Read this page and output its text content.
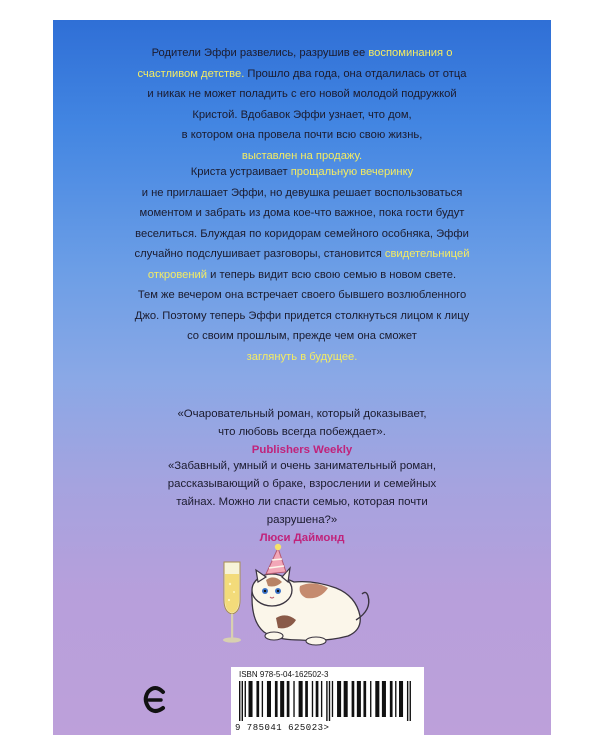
Родители Эффи развелись, разрушив ее воспоминания о
счастливом детстве. Прошло два года, она отдалилась от отца
и никак не может поладить с его новой молодой подружкой
Кристой. Вдобавок Эффи узнает, что дом,
в котором она провела почти всю свою жизнь,
выставлен на продажу.
Криста устраивает прощальную вечеринку
и не приглашает Эффи, но девушка решает воспользоваться
моментом и забрать из дома кое-что важное, пока гости будут
веселиться. Блуждая по коридорам семейного особняка, Эффи
случайно подслушивает разговоры, становится свидетельницей
откровений и теперь видит всю свою семью в новом свете.
Тем же вечером она встречает своего бывшего возлюбленного
Джо. Поэтому теперь Эффи придется столкнуться лицом к лицу
со своим прошлым, прежде чем она сможет
заглянуть в будущее.
«Очаровательный роман, который доказывает,
что любовь всегда побеждает».
Publishers Weekly
«Забавный, умный и очень занимательный роман,
рассказывающий о браке, взрослении и семейных
тайнах. Можно ли спасти семью, которая почти
разрушена?»
Люси Даймонд
ISBN 978-5-04-162502-3
9 785041 625023>
